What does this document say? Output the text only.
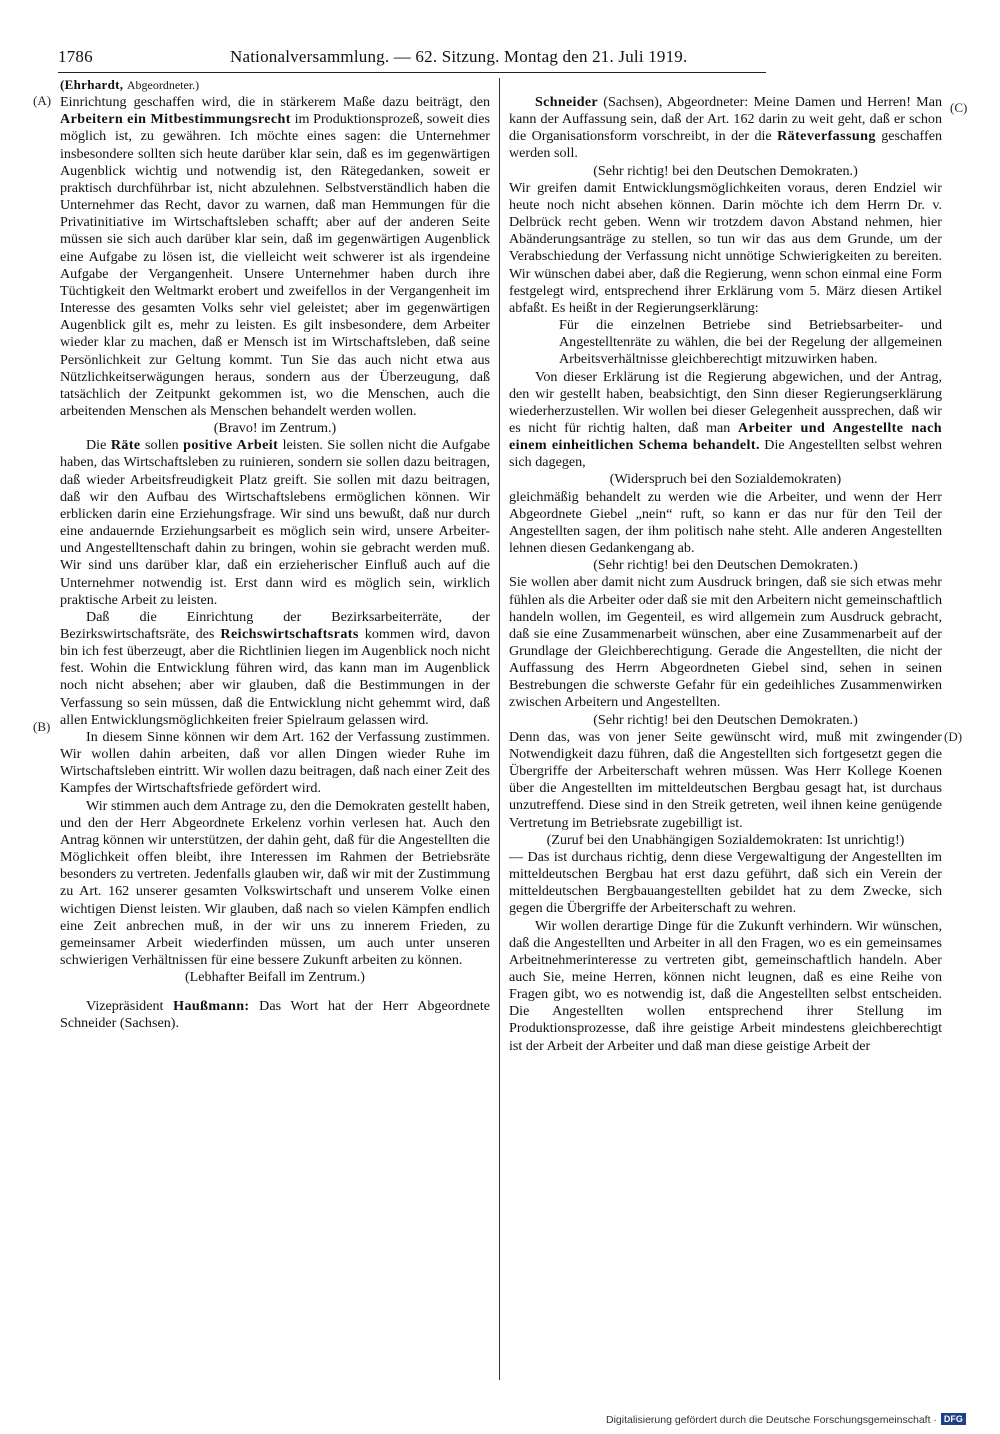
1786	Nationalversammlung. — 62. Sitzung. Montag den 21. Juli 1919.
(A)
(B)
(C)
(D)

(Ehrhardt, Abgeordneter.)

Einrichtung geschaffen wird, die in stärkerem Maße dazu beiträgt, den Arbeitern ein Mitbestimmungsrecht im Produktionsprozeß, soweit dies möglich ist, zu gewähren. Ich möchte eines sagen: die Unternehmer insbesondere sollten sich heute darüber klar sein, daß es im gegenwärtigen Augenblick wichtig und notwendig ist, den Rätegedanken, soweit er praktisch durchführbar ist, nicht abzulehnen. Selbstverständlich haben die Unternehmer das Recht, davor zu warnen, daß man Hemmungen für die Privatinitiative im Wirtschaftsleben schafft; aber auf der anderen Seite müssen sie sich auch darüber klar sein, daß im gegenwärtigen Augenblick eine Aufgabe zu lösen ist, die vielleicht weit schwerer ist als irgendeine Aufgabe der Vergangenheit. Unsere Unternehmer haben durch ihre Tüchtigkeit den Weltmarkt erobert und zweifellos in der Vergangenheit im Interesse des gesamten Volks sehr viel geleistet; aber im gegenwärtigen Augenblick gilt es, mehr zu leisten. Es gilt insbesondere, dem Arbeiter wieder klar zu machen, daß er Mensch ist im Wirtschaftsleben, daß seine Persönlichkeit zur Geltung kommt. Tun Sie das auch nicht etwa aus Nützlichkeitserwägungen heraus, sondern aus der Überzeugung, daß tatsächlich der Zeitpunkt gekommen ist, wo die Menschen, auch die arbeitenden Menschen als Menschen behandelt werden wollen.

(Bravo! im Zentrum.)

Die Räte sollen positive Arbeit leisten. Sie sollen nicht die Aufgabe haben, das Wirtschaftsleben zu ruinieren, sondern sie sollen dazu beitragen, daß wieder Arbeitsfreudigkeit Platz greift. Sie sollen mit dazu beitragen, daß wir den Aufbau des Wirtschaftslebens ermöglichen können. Wir erblicken darin eine Erziehungsfrage. Wir sind uns bewußt, daß nur durch eine andauernde Erziehungsarbeit es möglich sein wird, unsere Arbeiter- und Angestelltenschaft dahin zu bringen, wohin sie gebracht werden muß. Wir sind uns darüber klar, daß ein erzieherischer Einfluß auch auf die Unternehmer notwendig ist. Erst dann wird es möglich sein, wirklich praktische Arbeit zu leisten.

Daß die Einrichtung der Bezirksarbeiterräte, der Bezirkswirtschaftsräte, des Reichswirtschaftsrats kommen wird, davon bin ich fest überzeugt, aber die Richtlinien liegen im Augenblick noch nicht fest. Wohin die Entwicklung führen wird, das kann man im Augenblick noch nicht absehen; aber wir glauben, daß die Bestimmungen in der Verfassung so sein müssen, daß die Entwicklung nicht gehemmt wird, daß allen Entwicklungsmöglichkeiten freier Spielraum gelassen wird.

In diesem Sinne können wir dem Art. 162 der Verfassung zustimmen. Wir wollen dahin arbeiten, daß vor allen Dingen wieder Ruhe im Wirtschaftsleben eintritt. Wir wollen dazu beitragen, daß nach einer Zeit des Kampfes der Wirtschaftsfriede gefördert wird.

Wir stimmen auch dem Antrage zu, den die Demokraten gestellt haben, und den der Herr Abgeordnete Erkelenz vorhin verlesen hat. Auch den Antrag können wir unterstützen, der dahin geht, daß für die Angestellten die Möglichkeit offen bleibt, ihre Interessen im Rahmen der Betriebsräte besonders zu vertreten. Jedenfalls glauben wir, daß wir mit der Zustimmung zu Art. 162 unserer gesamten Volkswirtschaft und unserem Volke einen wichtigen Dienst leisten. Wir glauben, daß nach so vielen Kämpfen endlich eine Zeit anbrechen muß, in der wir uns zu innerem Frieden, zu gemeinsamer Arbeit wiederfinden müssen, um auch unter unseren schwierigen Verhältnissen für eine bessere Zukunft arbeiten zu können.

(Lebhafter Beifall im Zentrum.)

Vizepräsident Haußmann: Das Wort hat der Herr Abgeordnete Schneider (Sachsen).

Schneider (Sachsen), Abgeordneter: Meine Damen und Herren! Man kann der Auffassung sein, daß der Art. 162 darin zu weit geht, daß er schon die Organisationsform vorschreibt, in der die Räteverfassung geschaffen werden soll.

(Sehr richtig! bei den Deutschen Demokraten.)

Wir greifen damit Entwicklungsmöglichkeiten voraus, deren Endziel wir heute noch nicht absehen können. Darin möchte ich dem Herrn Dr. v. Delbrück recht geben. Wenn wir trotzdem davon Abstand nehmen, hier Abänderungsanträge zu stellen, so tun wir das aus dem Grunde, um der Verabschiedung der Verfassung nicht unnötige Schwierigkeiten zu bereiten. Wir wünschen dabei aber, daß die Regierung, wenn schon einmal eine Form festgelegt wird, entsprechend ihrer Erklärung vom 5. März diesen Artikel abfaßt. Es heißt in der Regierungserklärung:

Für die einzelnen Betriebe sind Betriebsarbeiter- und Angestelltenräte zu wählen, die bei der Regelung der allgemeinen Arbeitsverhältnisse gleichberechtigt mitzuwirken haben.

Von dieser Erklärung ist die Regierung abgewichen, und der Antrag, den wir gestellt haben, beabsichtigt, den Sinn dieser Regierungserklärung wiederherzustellen. Wir wollen bei dieser Gelegenheit aussprechen, daß wir es nicht für richtig halten, daß man Arbeiter und Angestellte nach einem einheitlichen Schema behandelt. Die Angestellten selbst wehren sich dagegen,

(Widerspruch bei den Sozialdemokraten)

gleichmäßig behandelt zu werden wie die Arbeiter, und wenn der Herr Abgeordnete Giebel „nein“ ruft, so kann er das nur für den Teil der Angestellten sagen, der ihm politisch nahe steht. Alle anderen Angestellten lehnen diesen Gedankengang ab.

(Sehr richtig! bei den Deutschen Demokraten.)

Sie wollen aber damit nicht zum Ausdruck bringen, daß sie sich etwas mehr fühlen als die Arbeiter oder daß sie mit den Arbeitern nicht gemeinschaftlich handeln wollen, im Gegenteil, es wird allgemein zum Ausdruck gebracht, daß sie eine Zusammenarbeit wünschen, aber eine Zusammenarbeit auf der Grundlage der Gleichberechtigung. Gerade die Angestellten, die nicht der Auffassung des Herrn Abgeordneten Giebel sind, sehen in seinen Bestrebungen die schwerste Gefahr für ein gedeihliches Zusammenwirken zwischen Arbeitern und Angestellten.

(Sehr richtig! bei den Deutschen Demokraten.)

Denn das, was von jener Seite gewünscht wird, muß mit zwingender Notwendigkeit dazu führen, daß die Angestellten sich fortgesetzt gegen die Übergriffe der Arbeiterschaft wehren müssen. Was Herr Kollege Koenen über die Angestellten im mitteldeutschen Bergbau gesagt hat, ist durchaus unzutreffend. Diese sind in den Streik getreten, weil ihnen keine genügende Vertretung im Betriebsrate zugebilligt ist.

(Zuruf bei den Unabhängigen Sozialdemokraten: Ist unrichtig!)

— Das ist durchaus richtig, denn diese Vergewaltigung der Angestellten im mitteldeutschen Bergbau hat erst dazu geführt, daß sich ein Verein der mitteldeutschen Bergbauangestellten gebildet hat zu dem Zwecke, sich gegen die Übergriffe der Arbeiterschaft zu wehren.

Wir wollen derartige Dinge für die Zukunft verhindern. Wir wünschen, daß die Angestellten und Arbeiter in all den Fragen, wo es ein gemeinsames Arbeitnehmerinteresse zu vertreten gibt, gemeinschaftlich handeln. Aber auch Sie, meine Herren, können nicht leugnen, daß es eine Reihe von Fragen gibt, wo es notwendig ist, daß die Angestellten selbst entscheiden. Die Angestellten wollen entsprechend ihrer Stellung im Produktionsprozesse, daß ihre geistige Arbeit mindestens gleichberechtigt ist der Arbeit der Arbeiter und daß man diese geistige Arbeit der

Digitalisierung gefördert durch die Deutsche Forschungsgemeinschaft · DFG
